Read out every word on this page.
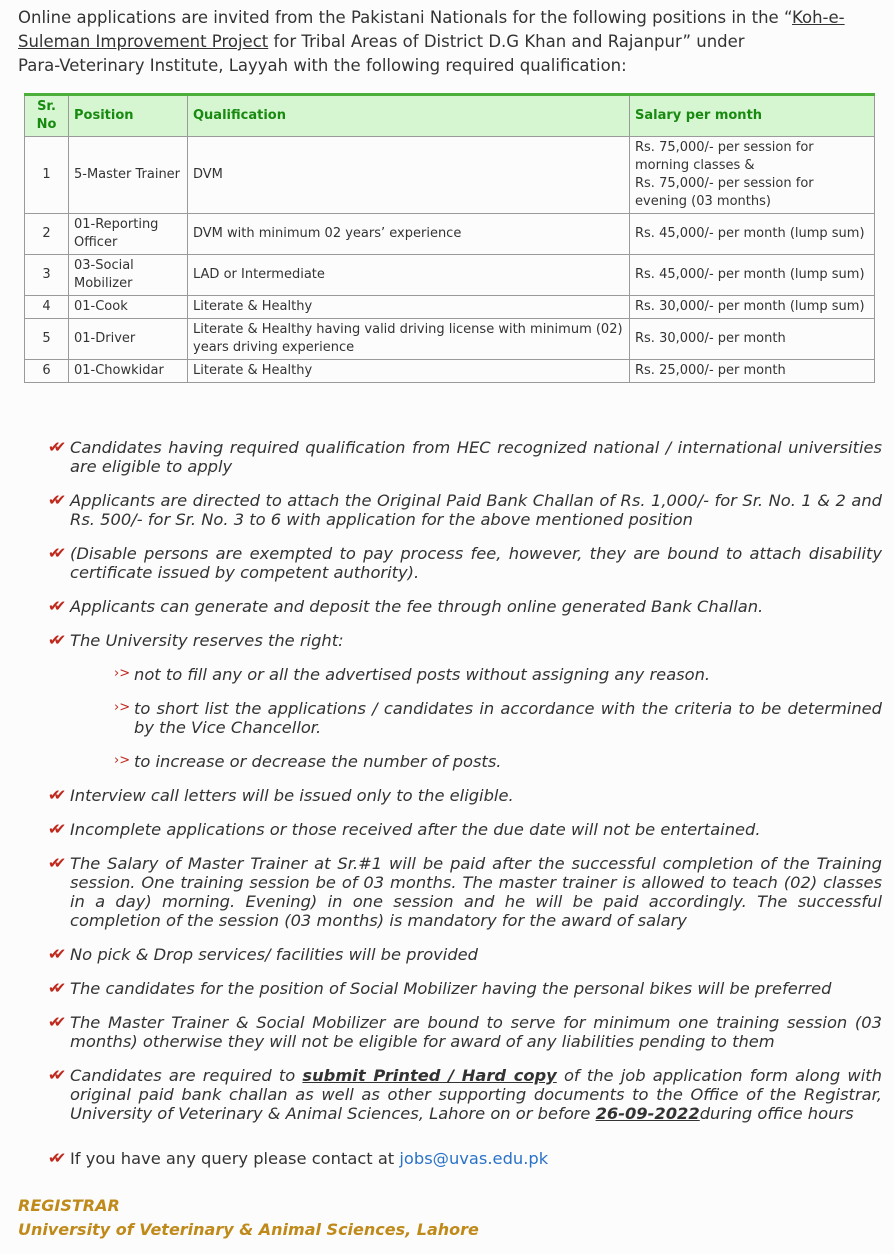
Online applications are invited from the Pakistani Nationals for the following positions in the “Koh-e-Suleman Improvement Project for Tribal Areas of District D.G Khan and Rajanpur” under
Para-Veterinary Institute, Layyah with the following required qualification:
Sr. No	Position	Qualification	Salary per month
1	5-Master Trainer	DVM	Rs. 75,000/- per session for morning classes &
Rs. 75,000/- per session for evening (03 months)
2	01-Reporting Officer	DVM with minimum 02 years’ experience	Rs. 45,000/- per month (lump sum)
3	03-Social Mobilizer	LAD or Intermediate	Rs. 45,000/- per month (lump sum)
4	01-Cook	Literate & Healthy	Rs. 30,000/- per month (lump sum)
5	01-Driver	Literate & Healthy having valid driving license with minimum (02) years driving experience	Rs. 30,000/- per month
6	01-Chowkidar	Literate & Healthy	Rs. 25,000/- per month
✔✔ Candidates having required qualification from HEC recognized national / international universities are eligible to apply
✔✔ Applicants are directed to attach the Original Paid Bank Challan of Rs. 1,000/- for Sr. No. 1 & 2 and Rs. 500/- for Sr. No. 3 to 6 with application for the above mentioned position
✔✔ (Disable persons are exempted to pay process fee, however, they are bound to attach disability certificate issued by competent authority).
✔✔ Applicants can generate and deposit the fee through online generated Bank Challan.
✔✔ The University reserves the right:
›> not to fill any or all the advertised posts without assigning any reason.
›> to short list the applications / candidates in accordance with the criteria to be determined by the Vice Chancellor.
›> to increase or decrease the number of posts.
✔✔ Interview call letters will be issued only to the eligible.
✔✔ Incomplete applications or those received after the due date will not be entertained.
✔✔ The Salary of Master Trainer at Sr.#1 will be paid after the successful completion of the Training session. One training session be of 03 months. The master trainer is allowed to teach (02) classes in a day) morning. Evening) in one session and he will be paid accordingly. The successful completion of the session (03 months) is mandatory for the award of salary
✔✔ No pick & Drop services/ facilities will be provided
✔✔ The candidates for the position of Social Mobilizer having the personal bikes will be preferred
✔✔ The Master Trainer & Social Mobilizer are bound to serve for minimum one training session (03 months) otherwise they will not be eligible for award of any liabilities pending to them
✔✔ Candidates are required to submit Printed / Hard copy of the job application form along with original paid bank challan as well as other supporting documents to the Office of the Registrar, University of Veterinary & Animal Sciences, Lahore on or before 26-09-2022during office hours
✔✔ If you have any query please contact at jobs@uvas.edu.pk
REGISTRAR
University of Veterinary & Animal Sciences, Lahore
